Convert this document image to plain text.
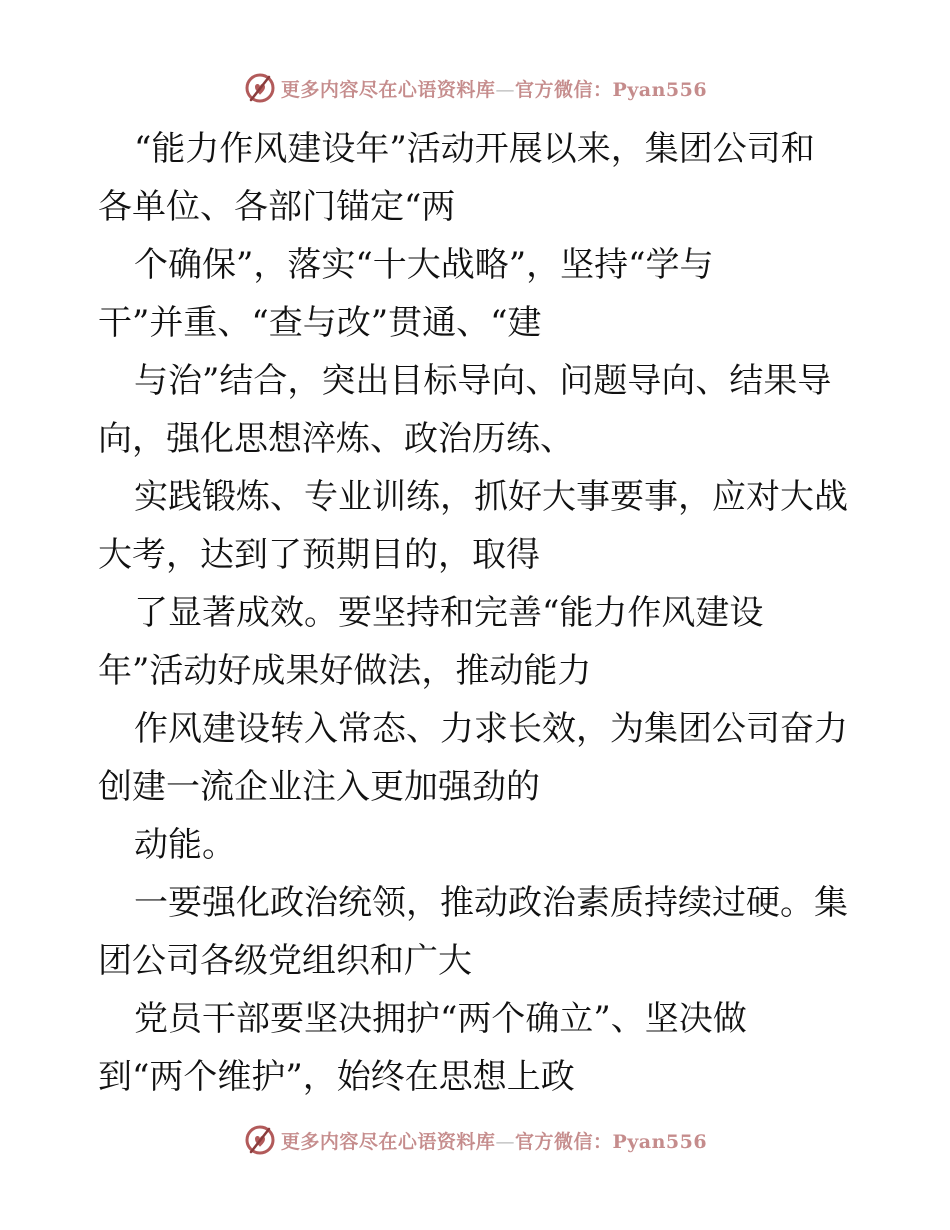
更多内容尽在心语资料库—官方微信：Pyan556
“能力作风建设年”活动开展以来，集团公司和
各单位、各部门锚定“两
个确保”，落实“十大战略”，坚持“学与
干”并重、“查与改”贯通、“建
与治”结合，突出目标导向、问题导向、结果导
向，强化思想淬炼、政治历练、
实践锻炼、专业训练，抓好大事要事，应对大战
大考，达到了预期目的，取得
了显著成效。要坚持和完善“能力作风建设
年”活动好成果好做法，推动能力
作风建设转入常态、力求长效，为集团公司奋力
创建一流企业注入更加强劲的
动能。
一要强化政治统领，推动政治素质持续过硬。集
团公司各级党组织和广大
党员干部要坚决拥护“两个确立”、坚决做
到“两个维护”，始终在思想上政
更多内容尽在心语资料库—官方微信：Pyan556
